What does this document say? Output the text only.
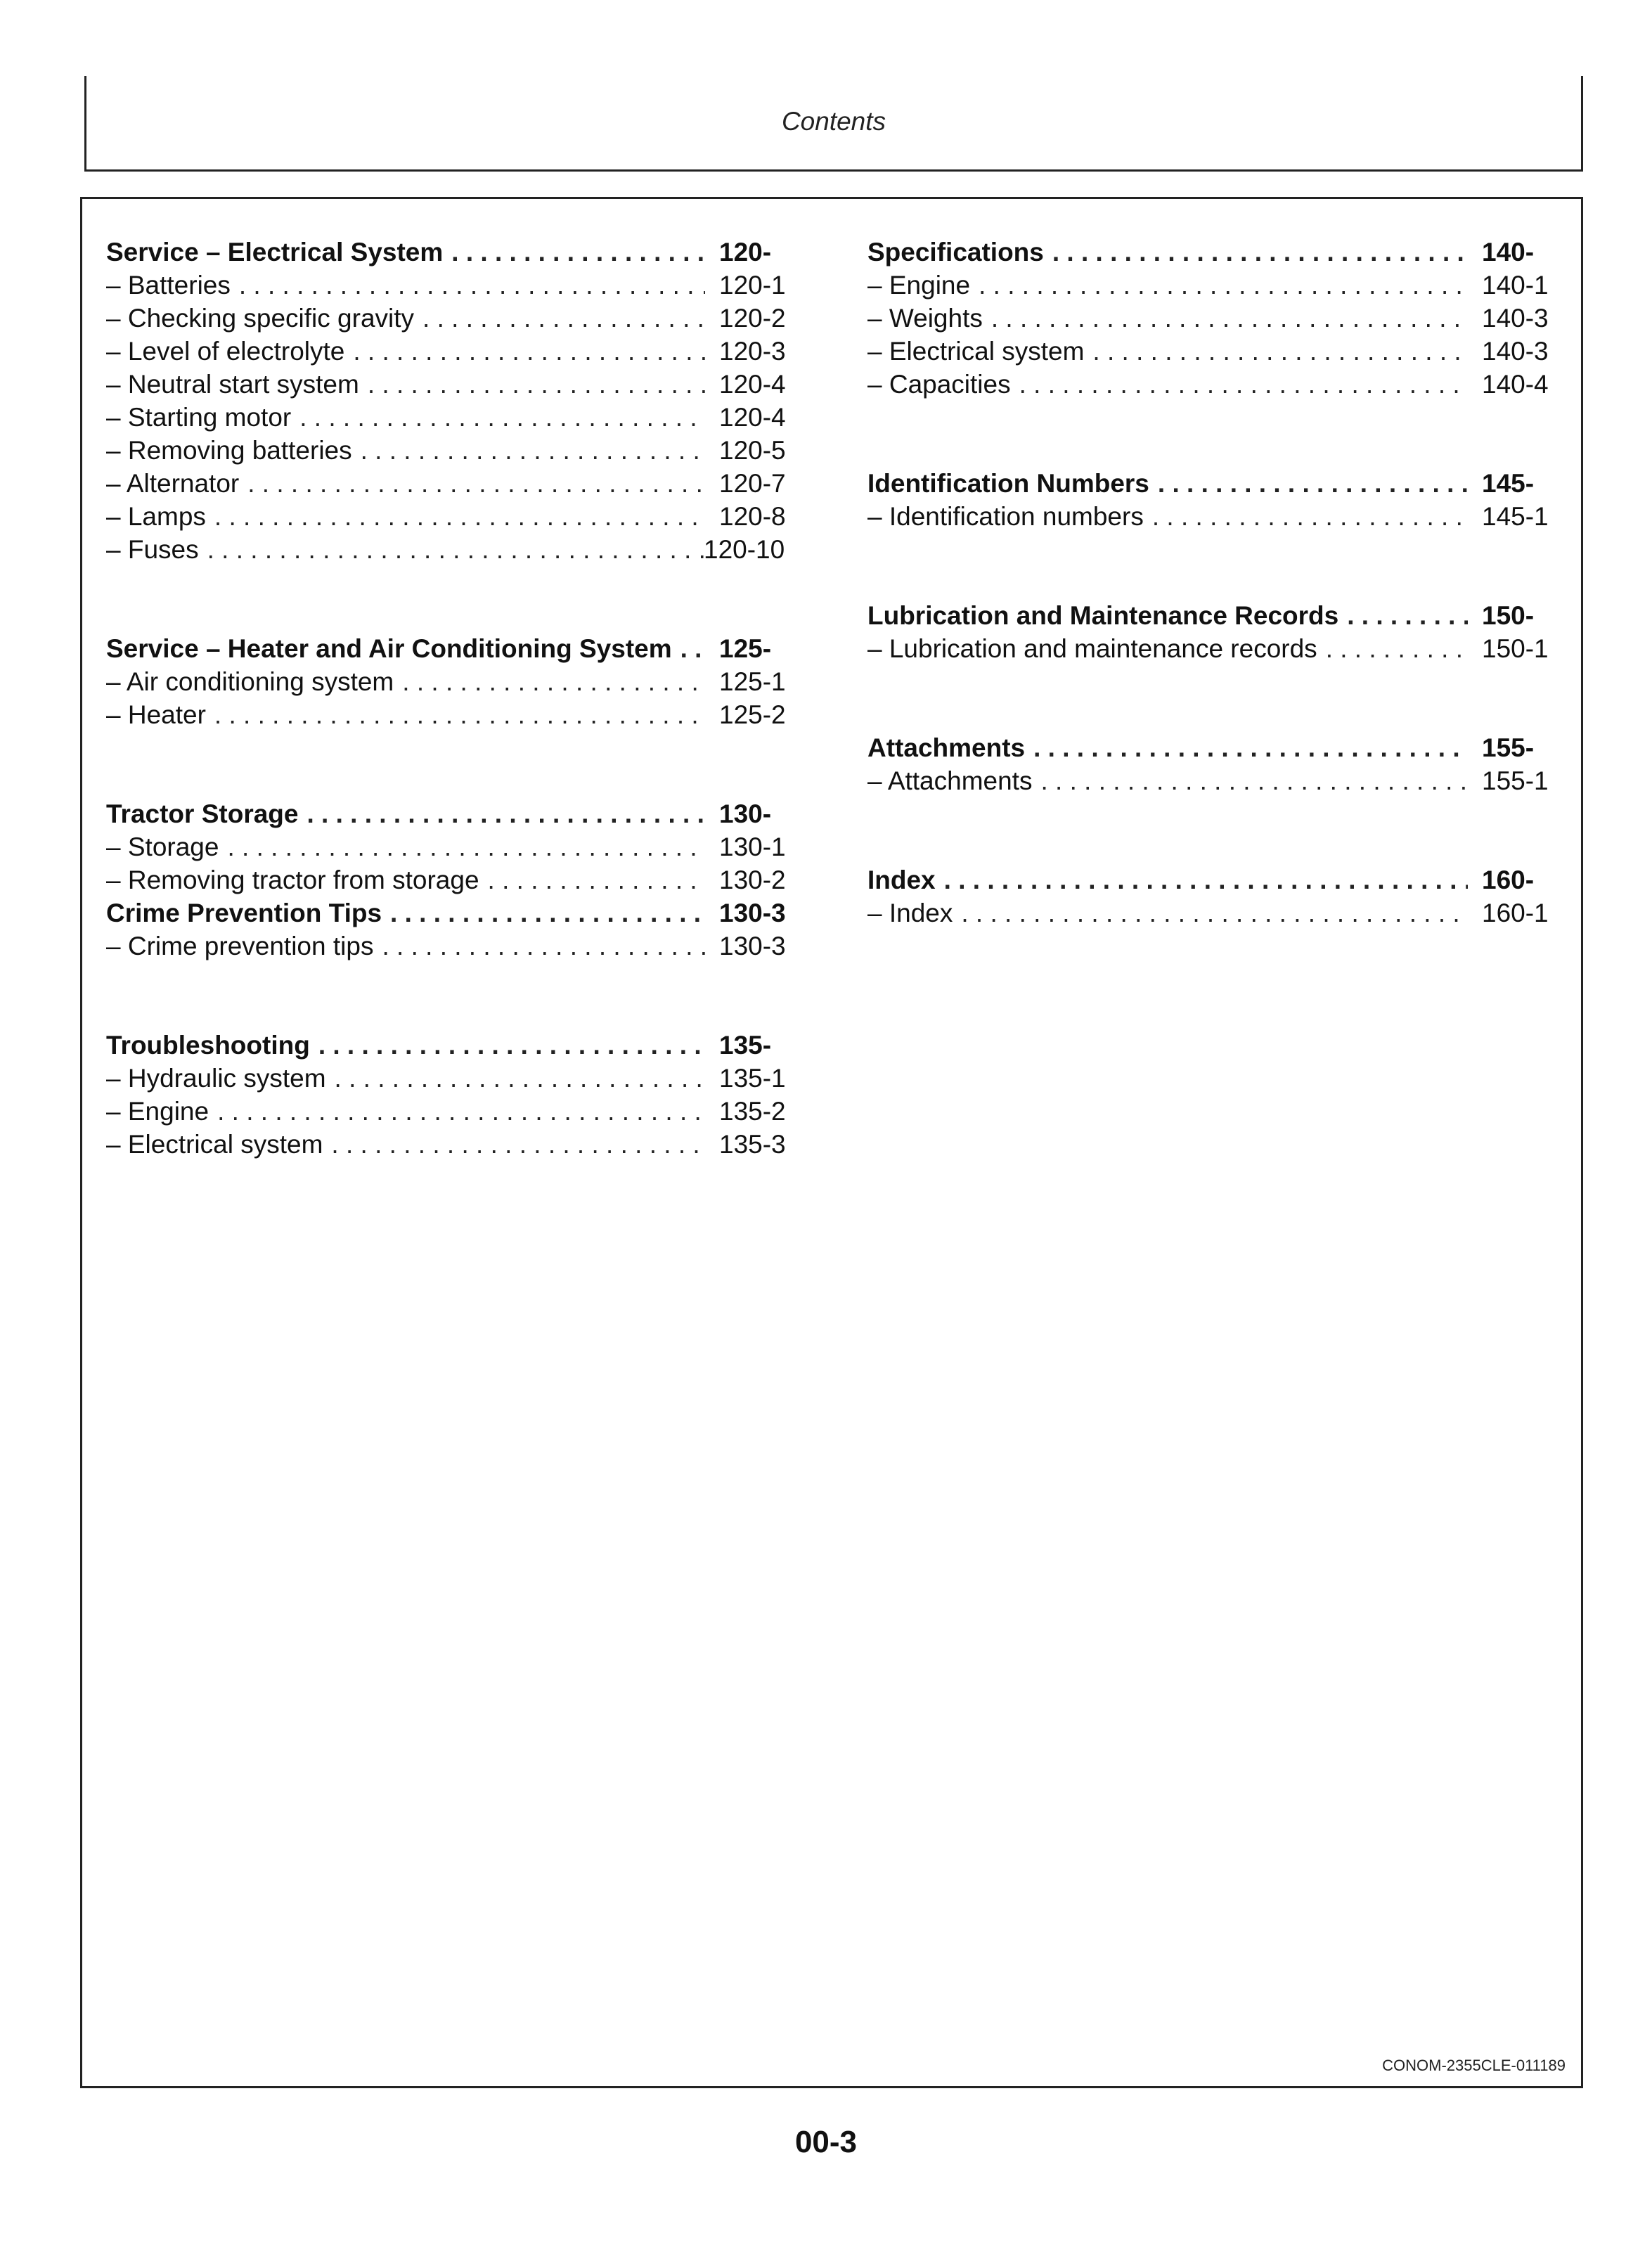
Contents
Service – Electrical System . . .	120-
– Batteries . . .	120-1
– Checking specific gravity . . .	120-2
– Level of electrolyte . . .	120-3
– Neutral start system . . .	120-4
– Starting motor . . .	120-4
– Removing batteries . . .	120-5
– Alternator . . .	120-7
– Lamps . . .	120-8
– Fuses . . .	120-10
Service – Heater and Air Conditioning System . . .	125-
– Air conditioning system . . .	125-1
– Heater . . .	125-2
Tractor Storage . . .	130-
– Storage . . .	130-1
– Removing tractor from storage . . .	130-2
Crime Prevention Tips . . .	130-3
– Crime prevention tips . . .	130-3
Troubleshooting . . .	135-
– Hydraulic system . . .	135-1
– Engine . . .	135-2
– Electrical system . . .	135-3
Specifications . . .	140-
– Engine . . .	140-1
– Weights . . .	140-3
– Electrical system . . .	140-3
– Capacities . . .	140-4
Identification Numbers . . .	145-
– Identification numbers . . .	145-1
Lubrication and Maintenance Records . . .	150-
– Lubrication and maintenance records . . .	150-1
Attachments . . .	155-
– Attachments . . .	155-1
Index . . .	160-
– Index . . .	160-1
CONOM-2355CLE-011189
00-3
